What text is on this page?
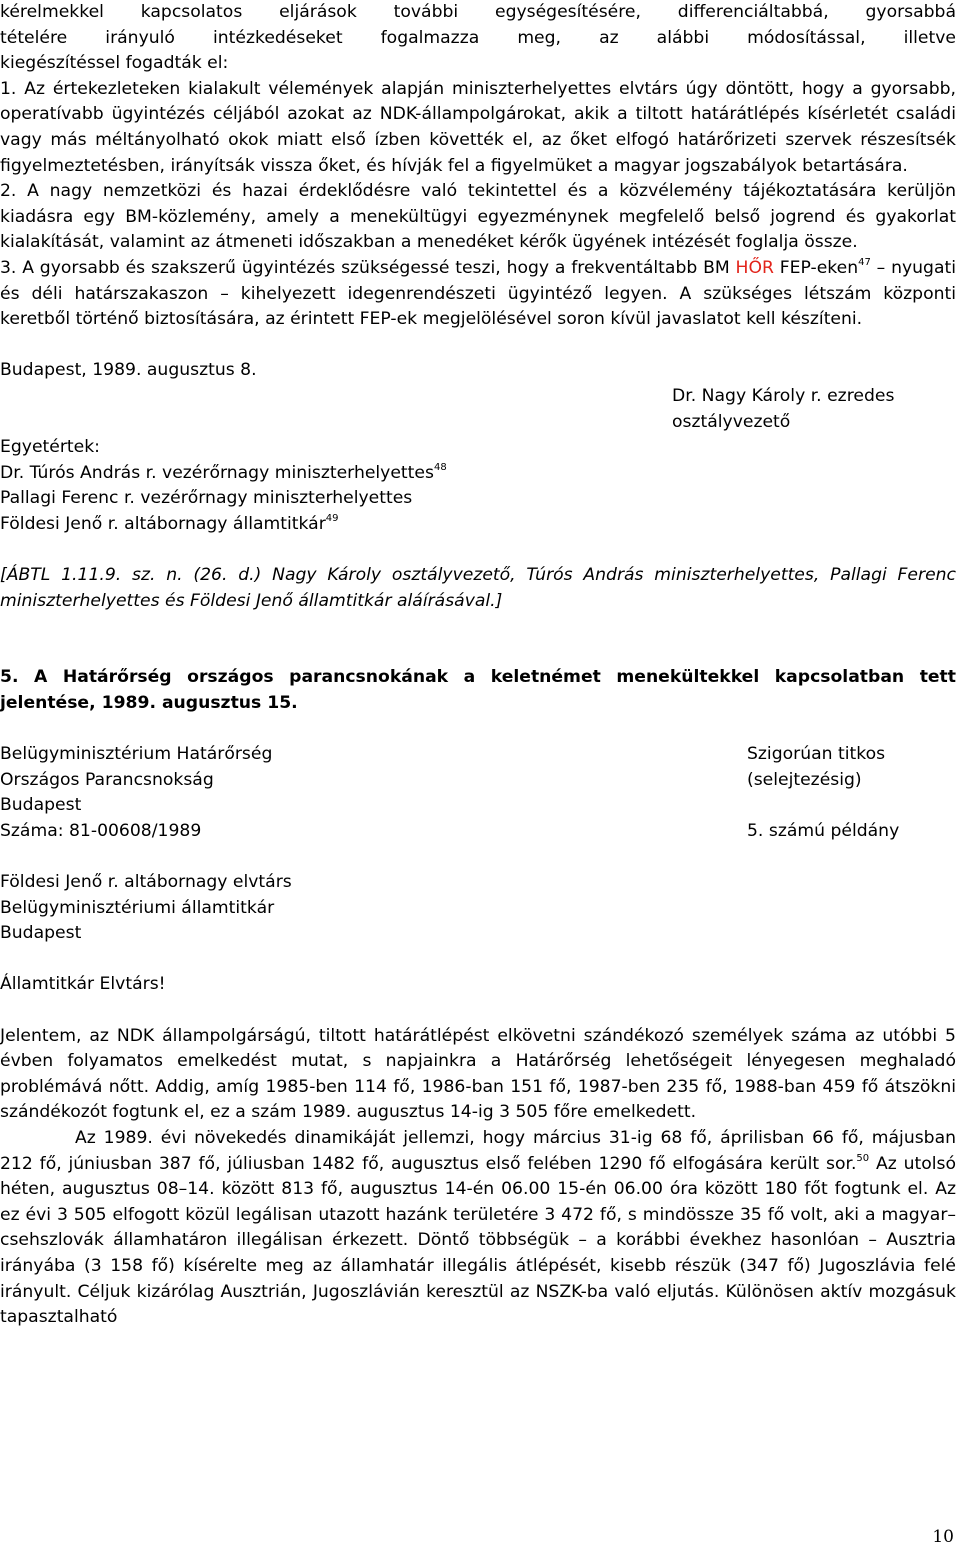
kérelmekkel kapcsolatos eljárások további egységesítésére, differenciáltabbá, gyorsabbá

tételére irányuló intézkedéseket fogalmazza meg, az alábbi módosítással, illetve

kiegészítéssel fogadták el:

1. Az értekezleteken kialakult vélemények alapján miniszterhelyettes elvtárs úgy döntött, hogy a gyorsabb, operatívabb ügyintézés céljából azokat az NDK-állampolgárokat, akik a tiltott határátlépés kísérletét családi vagy más méltányolható okok miatt első ízben követték el, az őket elfogó határőrizeti szervek részesítsék figyelmeztetésben, irányítsák vissza őket, és hívják fel a figyelmüket a magyar jogszabályok betartására.

2. A nagy nemzetközi és hazai érdeklődésre való tekintettel és a közvélemény tájékoztatására kerüljön kiadásra egy BM-közlemény, amely a menekültügyi egyezménynek megfelelő belső jogrend és gyakorlat kialakítását, valamint az átmeneti időszakban a menedéket kérők ügyének intézését foglalja össze.

3. A gyorsabb és szakszerű ügyintézés szükségessé teszi, hogy a frekventáltabb BM HŐR FEP-eken$^{47}$ – nyugati és déli határszakaszon – kihelyezett idegenrendészeti ügyintéző legyen. A szükséges létszám központi keretből történő biztosítására, az érintett FEP-ek megjelölésével soron kívül javaslatot kell készíteni.

Budapest, 1989. augusztus 8.

Dr. Nagy Károly r. ezredes
osztályvezető
Egyetértek:
Dr. Túrós András r. vezérőrnagy miniszterhelyettes$^{48}$
Pallagi Ferenc r. vezérőrnagy miniszterhelyettes
Földesi Jenő r. altábornagy államtitkár$^{49}$

[ÁBTL 1.11.9. sz. n. (26. d.) Nagy Károly osztályvezető, Túrós András miniszterhelyettes, Pallagi Ferenc miniszterhelyettes és Földesi Jenő államtitkár aláírásával.]

5. A Határőrség országos parancsnokának a keletnémet menekültekkel kapcsolatban tett jelentése, 1989. augusztus 15.

Belügyminisztérium Határőrség	Szigorúan titkos
Országos Parancsnokság	(selejtezésig)
Budapest
Száma: 81-00608/1989	5. számú példány
Földesi Jenő r. altábornagy elvtárs
Belügyminisztériumi államtitkár
Budapest
Államtitkár Elvtárs!

Jelentem, az NDK állampolgárságú, tiltott határátlépést elkövetni szándékozó személyek száma az utóbbi 5 évben folyamatos emelkedést mutat, s napjainkra a Határőrség lehetőségeit lényegesen meghaladó problémává nőtt. Addig, amíg 1985-ben 114 fő, 1986-ban 151 fő, 1987-ben 235 fő, 1988-ban 459 fő átszökni szándékozót fogtunk el, ez a szám 1989. augusztus 14-ig 3 505 főre emelkedett.

Az 1989. évi növekedés dinamikáját jellemzi, hogy március 31-ig 68 fő, áprilisban 66 fő, májusban 212 fő, júniusban 387 fő, júliusban 1482 fő, augusztus első felében 1290 fő elfogására került sor.$^{50}$ Az utolsó héten, augusztus 08–14. között 813 fő, augusztus 14-én 06.00 15-én 06.00 óra között 180 főt fogtunk el. Az ez évi 3 505 elfogott közül legálisan utazott hazánk területére 3 472 fő, s mindössze 35 fő volt, aki a magyar–csehszlovák államhatáron illegálisan érkezett. Döntő többségük – a korábbi évekhez hasonlóan – Ausztria irányába (3 158 fő) kísérelte meg az államhatár illegális átlépését, kisebb részük (347 fő) Jugoszlávia felé irányult. Céljuk kizárólag Ausztrián, Jugoszlávián keresztül az NSZK-ba való eljutás. Különösen aktív mozgásuk tapasztalható

10
